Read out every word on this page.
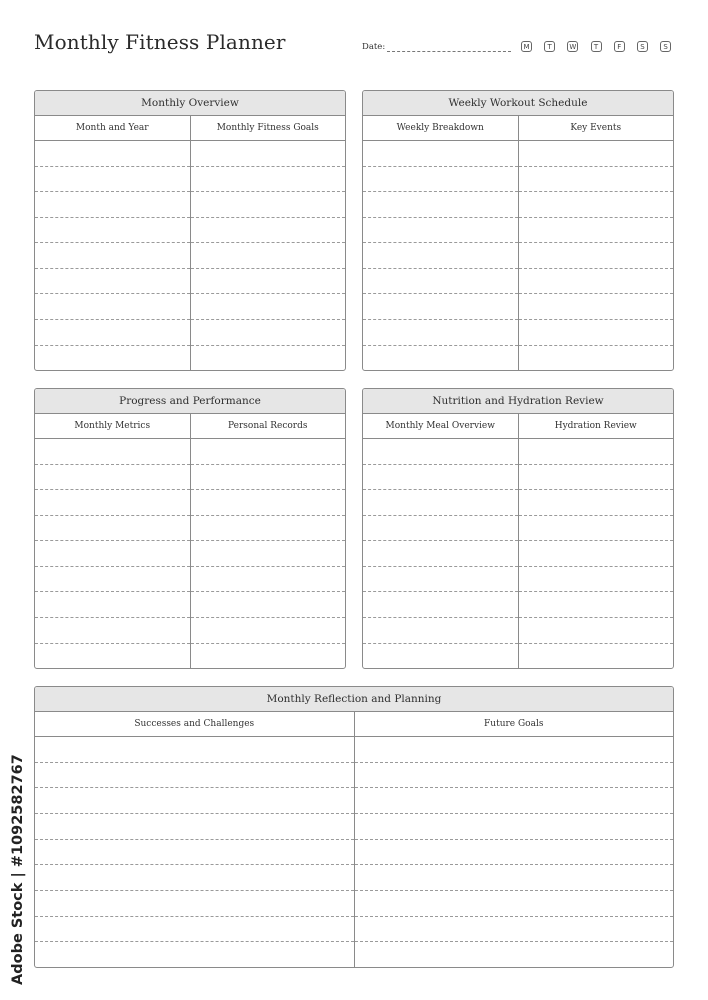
Monthly Fitness Planner	Date:	M	T	W	T	F	S	S
Monthly Overview
Month and Year	Monthly Fitness Goals
Weekly Workout Schedule
Weekly Breakdown	Key Events
Progress and Performance
Monthly Metrics	Personal Records
Nutrition and Hydration Review
Monthly Meal Overview	Hydration Review
Monthly Reflection and Planning
Successes and Challenges	Future Goals
Adobe Stock | #1092582767
